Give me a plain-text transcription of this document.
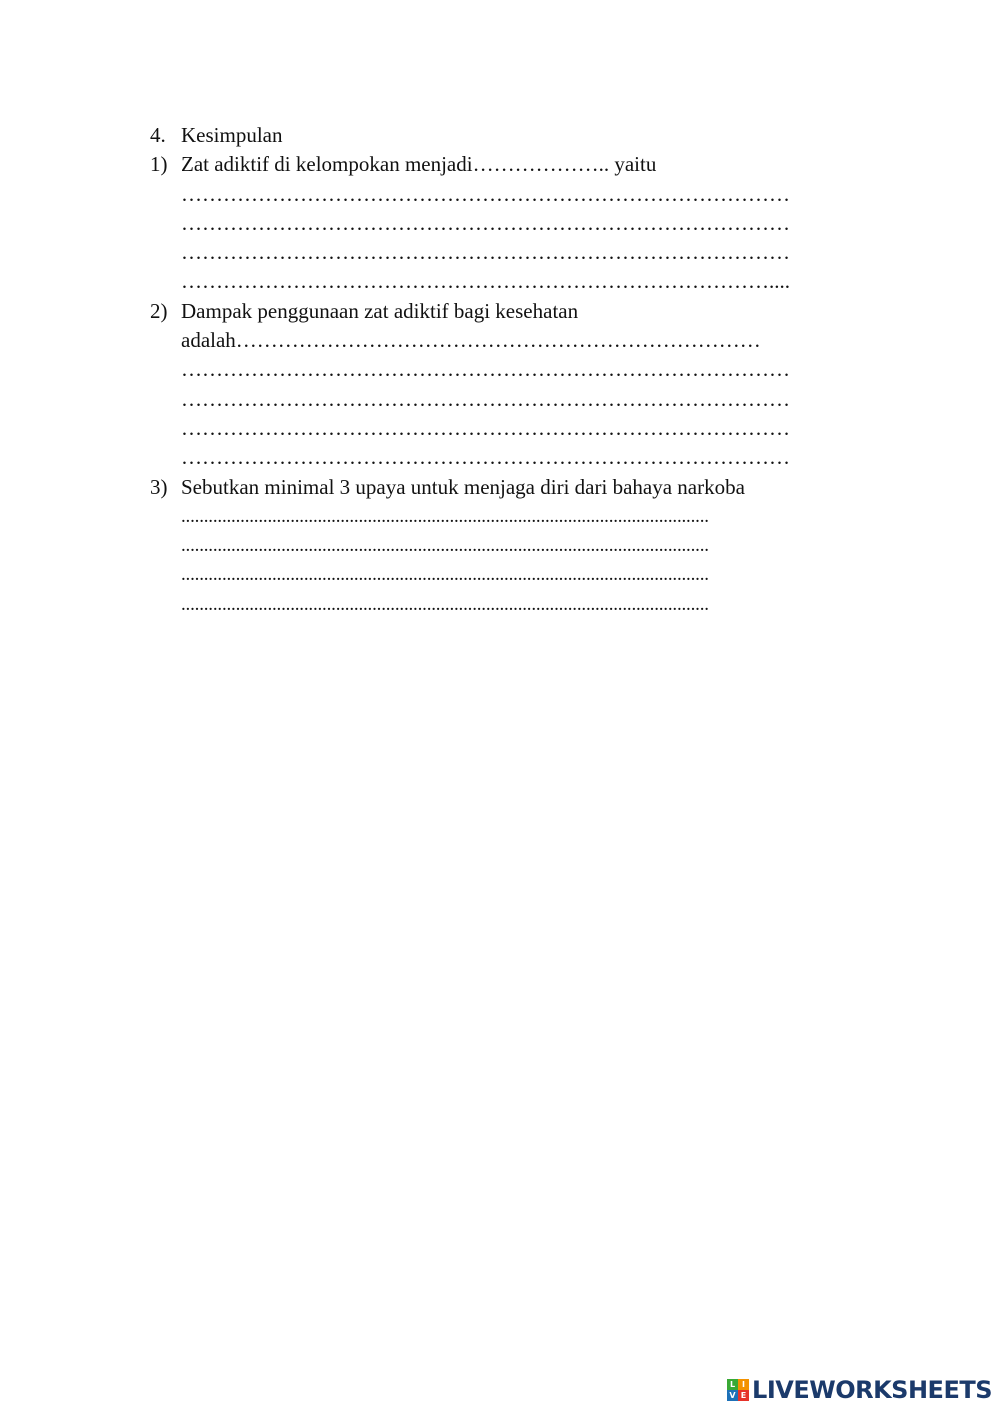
4. Kesimpulan
1) Zat adiktif di kelompokan menjadi……………….. yaitu
……………………………………………………………………………
……………………………………………………………………………
……………………………………………………………………………
…………………………………………………………………………....
2) Dampak penggunaan zat adiktif bagi kesehatan
adalah…………………………………………………………………
……………………………………………………………………………
……………………………………………………………………………
……………………………………………………………………………
……………………………………………………………………………
3) Sebutkan minimal 3 upaya untuk menjaga diri dari bahaya narkoba
....................................................................................................................
....................................................................................................................
....................................................................................................................
....................................................................................................................
L I
V E LIVEWORKSHEETS
